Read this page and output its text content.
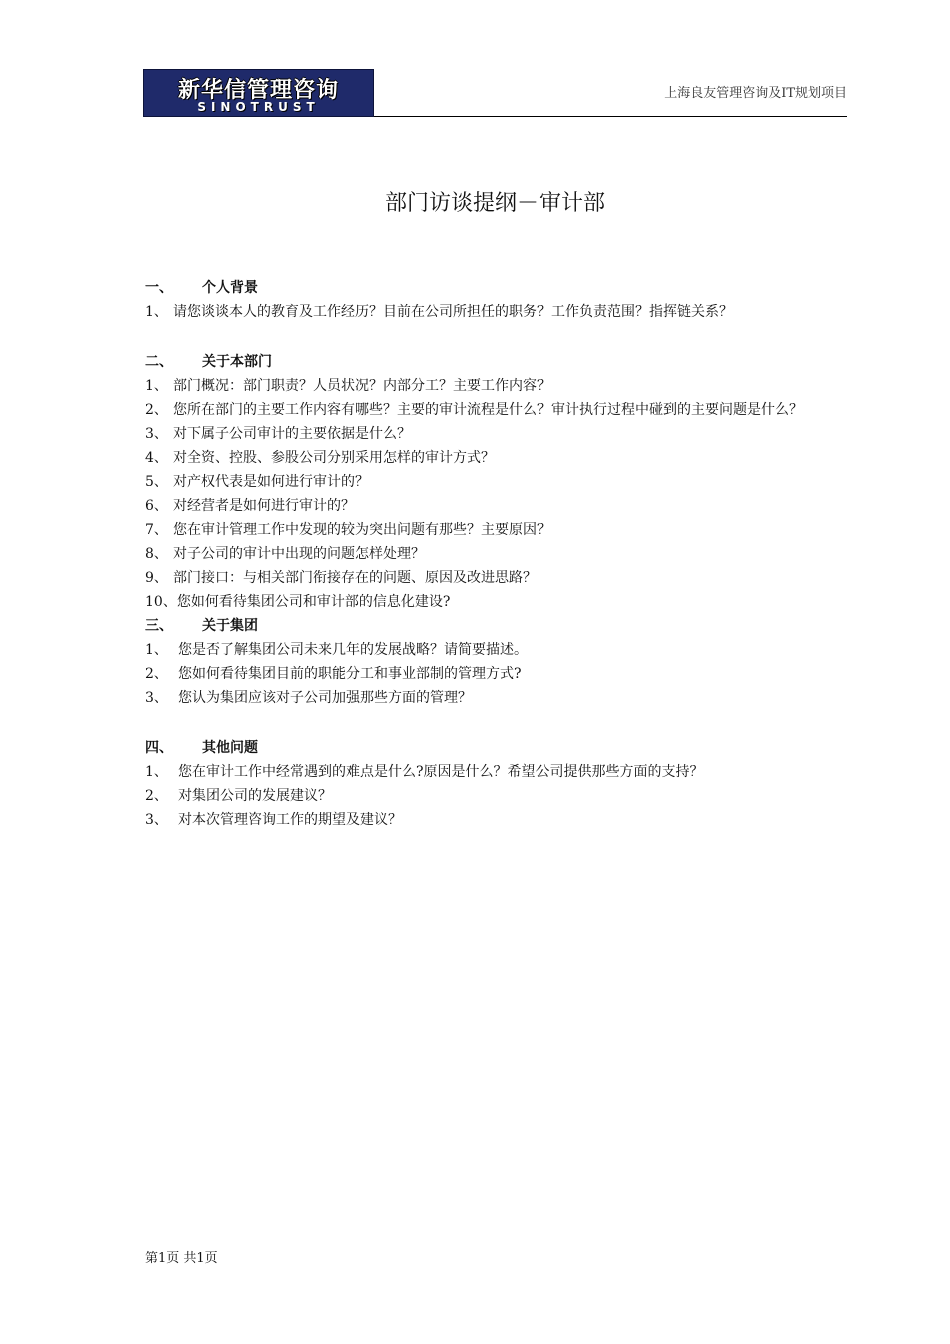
新华信管理咨询
SINOTRUST
上海良友管理咨询及IT规划项目
部门访谈提纲－审计部
一、 个人背景
1、 请您谈谈本人的教育及工作经历？目前在公司所担任的职务？工作负责范围？指挥链关系？
二、 关于本部门
1、 部门概况：部门职责？人员状况？内部分工？主要工作内容？
2、 您所在部门的主要工作内容有哪些？主要的审计流程是什么？审计执行过程中碰到的主要问题是什么？
3、 对下属子公司审计的主要依据是什么？
4、 对全资、控股、参股公司分别采用怎样的审计方式？
5、 对产权代表是如何进行审计的？
6、 对经营者是如何进行审计的？
7、 您在审计管理工作中发现的较为突出问题有那些？主要原因？
8、 对子公司的审计中出现的问题怎样处理？
9、 部门接口：与相关部门衔接存在的问题、原因及改进思路？
10、 您如何看待集团公司和审计部的信息化建设?
三、 关于集团
1、 您是否了解集团公司未来几年的发展战略？请简要描述。
2、 您如何看待集团目前的职能分工和事业部制的管理方式?
3、 您认为集团应该对子公司加强那些方面的管理？
四、 其他问题
1、 您在审计工作中经常遇到的难点是什么?原因是什么？希望公司提供那些方面的支持？
2、 对集团公司的发展建议？
3、 对本次管理咨询工作的期望及建议？
第1页 共1页
